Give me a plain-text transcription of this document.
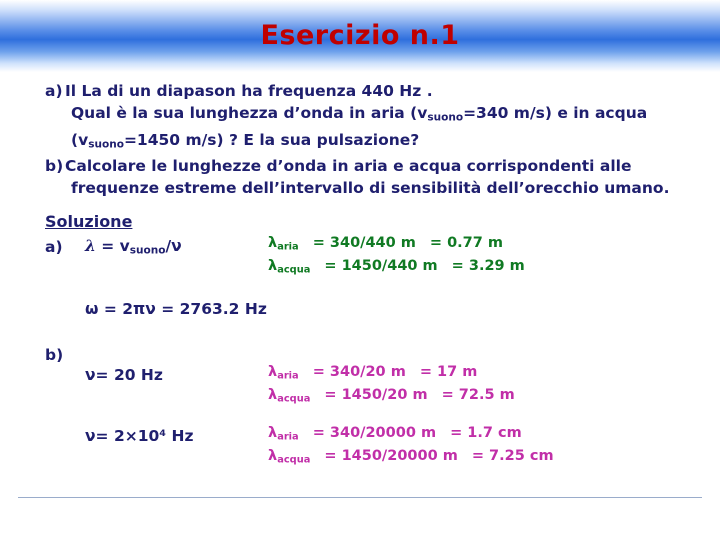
Esercizio n.1
a) Il La di un diapason ha frequenza 440 Hz .
Qual è la sua lunghezza d’onda in aria ($v_{suono}=340$ m/s) e in acqua
($v_{suono}=1450$ m/s) ? E la sua pulsazione?
b) Calcolare le lunghezze d’onda in aria e acqua corrispondenti alle
frequenze estreme dell’intervallo di sensibilità dell’orecchio umano.
Soluzione
a) $\lambda = v_{suono}/\nu$
ω = 2πν = 2763.2 Hz
b)
ν= 20 Hz
ν= 2×10⁴ Hz
$\lambda_{aria} = 340/440$ m = 0.77 m
$\lambda_{acqua} = 1450/440$ m = 3.29 m
$\lambda_{aria} = 340/20$ m = 17 m
$\lambda_{acqua} = 1450/20$ m = 72.5 m
$\lambda_{aria} = 340/20000$ m = 1.7 cm
$\lambda_{acqua} = 1450/20000$ m = 7.25 cm
